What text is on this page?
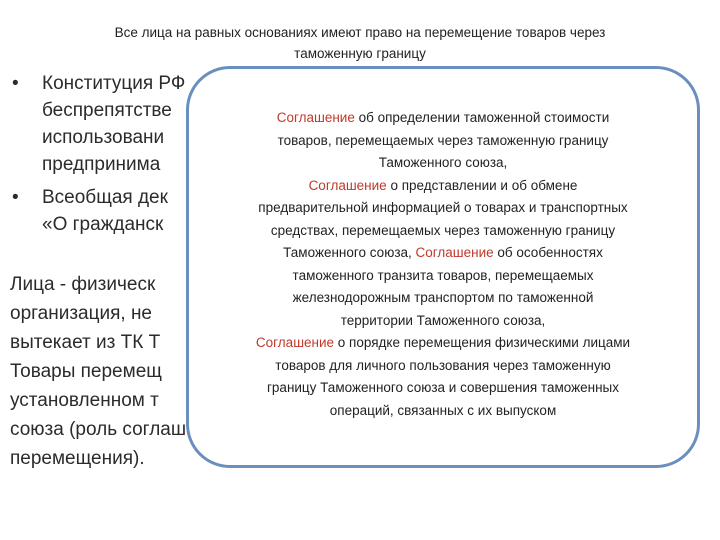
Все лица на равных основаниях имеют право на перемещение товаров через
таможенную границу
• Конституция РФ
беспрепятстве
использовани
предпринима
• Всеобщая дек
«О гражданск
Лица - физическ
организация, не
вытекает из ТК Т
Товары перемещ
установленном т
союза (роль соглаш
перемещения).
Соглашение об определении таможенной стоимости
товаров, перемещаемых через таможенную границу
Таможенного союза,
Соглашение о представлении и об обмене
предварительной информацией о товарах и транспортных
средствах, перемещаемых через таможенную границу
Таможенного союза, Соглашение об особенностях
таможенного транзита товаров, перемещаемых
железнодорожным транспортом по таможенной
территории Таможенного союза,
Соглашение о порядке перемещения физическими лицами
товаров для личного пользования через таможенную
границу Таможенного союза и совершения таможенных
операций, связанных с их выпуском
